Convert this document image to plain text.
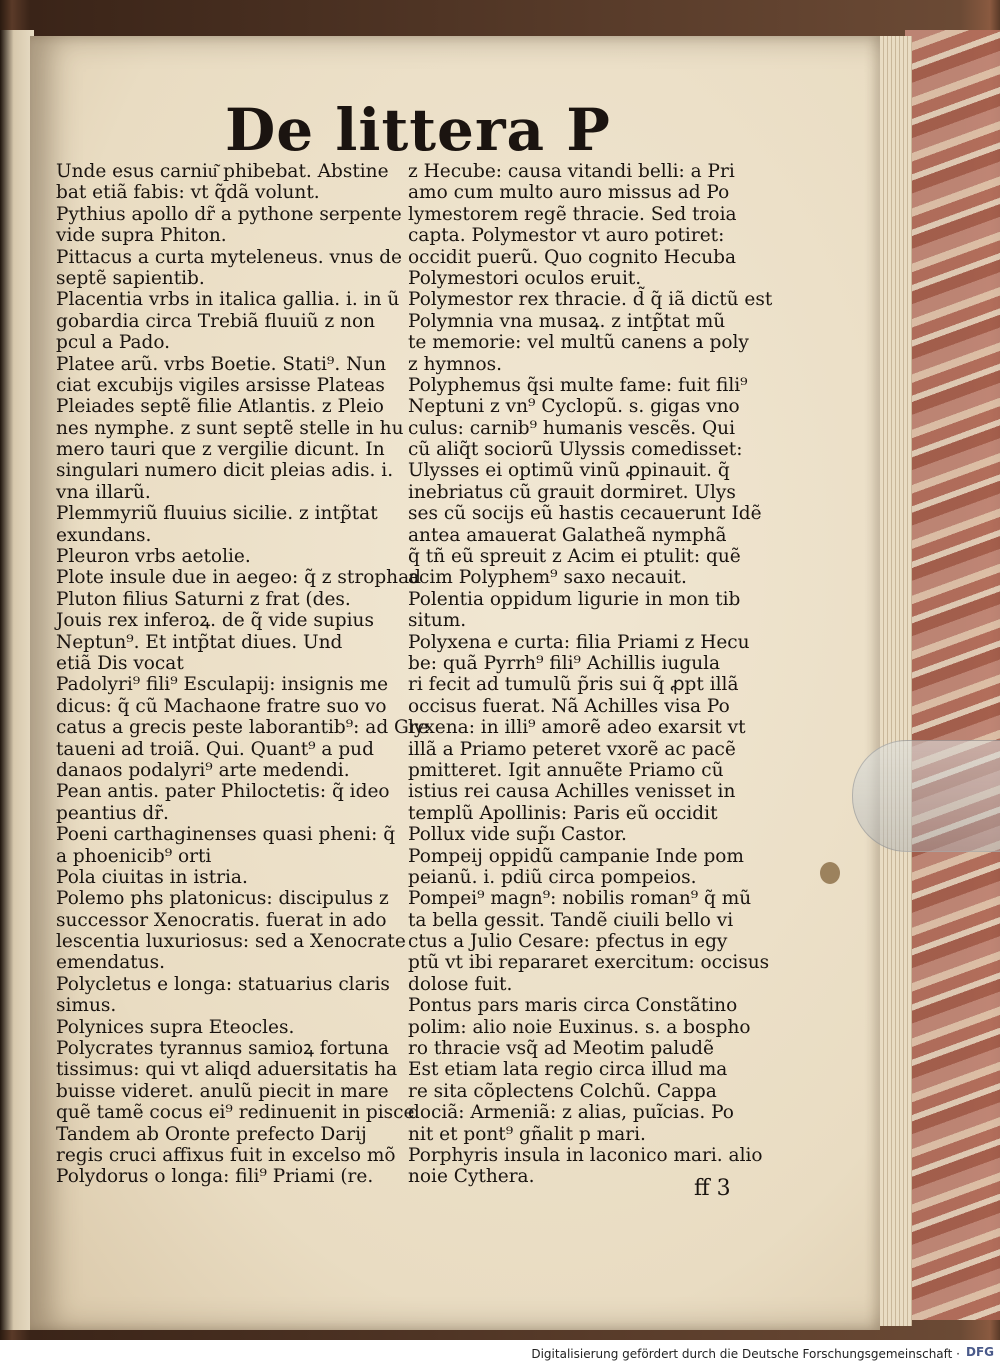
De littera P
Unde esus carniu͂ phibebat. Abstine
bat etiã fabis: vt q̃dã volunt.
Pythius apollo dr̃ a pythone serpente
vide supra Phiton.
Pittacus a curta myteleneus. vnus de
septẽ sapientib.
Placentia vrbs in italica gallia. i. in ũ
gobardia circa Trebiã fluuiũ z non
pcul a Pado.
Platee arũ. vrbs Boetie. Stati⁹. Nun
ciat excubijs vigiles arsisse Plateas
Pleiades septẽ filie Atlantis. z Pleio
nes nymphe. z sunt septẽ stelle in hu
mero tauri que z vergilie dicunt. In
singulari numero dicit pleias adis. i.
vna illarũ.
Plemmyriũ fluuius sicilie. z intp̃tat
exundans.
Pleuron vrbs aetolie.
Plote insule due in aegeo: q̃ z strophad
Pluton filius Saturni z frat (des.
Jouis rex inferoꝝ. de q̃ vide supius
Neptun⁹. Et intp̃tat diues. Und
etiã Dis vocat
Padolyri⁹ fili⁹ Esculapij: insignis me
dicus: q̃ cũ Machaone fratre suo vo
catus a grecis peste laborantib⁹: ad Gre
taueni ad troiã. Qui. Quant⁹ a pud
danaos podalyri⁹ arte medendi.
Pean antis. pater Philoctetis: q̃ ideo
peantius dr̃.
Poeni carthaginenses quasi pheni: q̃
a phoenicib⁹ orti
Pola ciuitas in istria.
Polemo phs platonicus: discipulus z
successor Xenocratis. fuerat in ado
lescentia luxuriosus: sed a Xenocrate
emendatus.
Polycletus e longa: statuarius claris
simus.
Polynices supra Eteocles.
Polycrates tyrannus samioꝝ fortuna
tissimus: qui vt aliqd aduersitatis ha
buisse videret. anulũ piecit in mare
quẽ tamẽ cocus ei⁹ redinuenit in pisce
Tandem ab Oronte prefecto Darij
regis cruci affixus fuit in excelso mõ
Polydorus o longa: fili⁹ Priami (re.
z Hecube: causa vitandi belli: a Pri
amo cum multo auro missus ad Po
lymestorem regẽ thracie. Sed troia
capta. Polymestor vt auro potiret:
occidit puerũ. Quo cognito Hecuba
Polymestori oculos eruit.
Polymestor rex thracie. d̃ q̃ iã dictũ est
Polymnia vna musaꝝ. z intp̃tat mũ
te memorie: vel multũ canens a poly
z hymnos.
Polyphemus q̃si multe fame: fuit fili⁹
Neptuni z vn⁹ Cyclopũ. s. gigas vno
culus: carnib⁹ humanis vescẽs. Qui
cũ aliq̃t sociorũ Ulyssis comedisset:
Ulysses ei optimũ vinũ ꝓpinauit. q̃
inebriatus cũ grauit dormiret. Ulys
ses cũ socijs eũ hastis cecauerunt Idẽ
antea amauerat Galatheã nymphã
q̃ tñ eũ spreuit z Acim ei ptulit: quẽ
acim Polyphem⁹ saxo necauit.
Polentia oppidum ligurie in mon tib
situm.
Polyxena e curta: filia Priami z Hecu
be: quã Pyrrh⁹ fili⁹ Achillis iugula
ri fecit ad tumulũ p̃ris sui q̃ ꝓpt illã
occisus fuerat. Nã Achilles visa Po
lyxena: in illi⁹ amorẽ adeo exarsit vt
illã a Priamo peteret vxorẽ ac pacẽ
pmitteret. Igit annuẽte Priamo cũ
istius rei causa Achilles venisset in
templũ Apollinis: Paris eũ occidit
Pollux vide sup̃ı Castor.
Pompeij oppidũ campanie Inde pom
peianũ. i. pdiũ circa pompeios.
Pompei⁹ magn⁹: nobilis roman⁹ q̃ mũ
ta bella gessit. Tandẽ ciuili bello vi
ctus a Julio Cesare: pfectus in egy
ptũ vt ibi repararet exercitum: occisus
dolose fuit.
Pontus pars maris circa Constãtino
polim: alio noie Euxinus. s. a bospho
ro thracie vsq̃ ad Meotim paludẽ
Est etiam lata regio circa illud ma
re sita cõplectens Colchũ. Cappa
dociã: Armeniã: z alias, puĩcias. Po
nit et pont⁹ gñalit p mari.
Porphyris insula in laconico mari. alio
noie Cythera.	ff 3
Digitalisierung gefördert durch die Deutsche Forschungsgemeinschaft · DFG
